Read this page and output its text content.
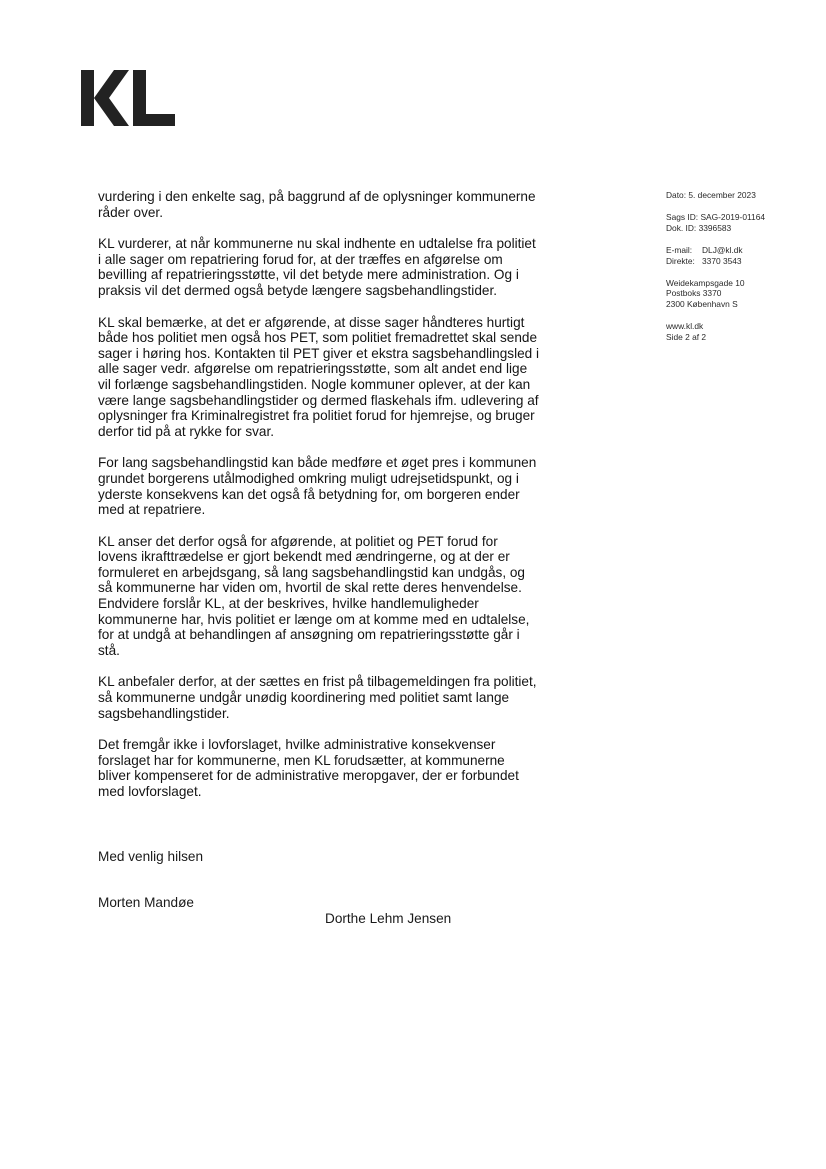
Dato: 5. december 2023
Sags ID: SAG-2019-01164
Dok. ID: 3396583
E-mail: DLJ@kl.dk
Direkte: 3370 3543
Weidekampsgade 10
Postboks 3370
2300 København S
www.kl.dk
Side 2 af 2

vurdering i den enkelte sag, på baggrund af de oplysninger kommunerne
råder over.

KL vurderer, at når kommunerne nu skal indhente en udtalelse fra politiet
i alle sager om repatriering forud for, at der træffes en afgørelse om
bevilling af repatrieringsstøtte, vil det betyde mere administration. Og i
praksis vil det dermed også betyde længere sagsbehandlingstider.

KL skal bemærke, at det er afgørende, at disse sager håndteres hurtigt
både hos politiet men også hos PET, som politiet fremadrettet skal sende
sager i høring hos. Kontakten til PET giver et ekstra sagsbehandlingsled i
alle sager vedr. afgørelse om repatrieringsstøtte, som alt andet end lige
vil forlænge sagsbehandlingstiden. Nogle kommuner oplever, at der kan
være lange sagsbehandlingstider og dermed flaskehals ifm. udlevering af
oplysninger fra Kriminalregistret fra politiet forud for hjemrejse, og bruger
derfor tid på at rykke for svar.

For lang sagsbehandlingstid kan både medføre et øget pres i kommunen
grundet borgerens utålmodighed omkring muligt udrejsetidspunkt, og i
yderste konsekvens kan det også få betydning for, om borgeren ender
med at repatriere.

KL anser det derfor også for afgørende, at politiet og PET forud for
lovens ikrafttrædelse er gjort bekendt med ændringerne, og at der er
formuleret en arbejdsgang, så lang sagsbehandlingstid kan undgås, og
så kommunerne har viden om, hvortil de skal rette deres henvendelse.
Endvidere forslår KL, at der beskrives, hvilke handlemuligheder
kommunerne har, hvis politiet er længe om at komme med en udtalelse,
for at undgå at behandlingen af ansøgning om repatrieringsstøtte går i
stå.

KL anbefaler derfor, at der sættes en frist på tilbagemeldingen fra politiet,
så kommunerne undgår unødig koordinering med politiet samt lange
sagsbehandlingstider.

Det fremgår ikke i lovforslaget, hvilke administrative konsekvenser
forslaget har for kommunerne, men KL forudsætter, at kommunerne
bliver kompenseret for de administrative meropgaver, der er forbundet
med lovforslaget.

Med venlig hilsen
Morten Mandøe
Dorthe Lehm Jensen
